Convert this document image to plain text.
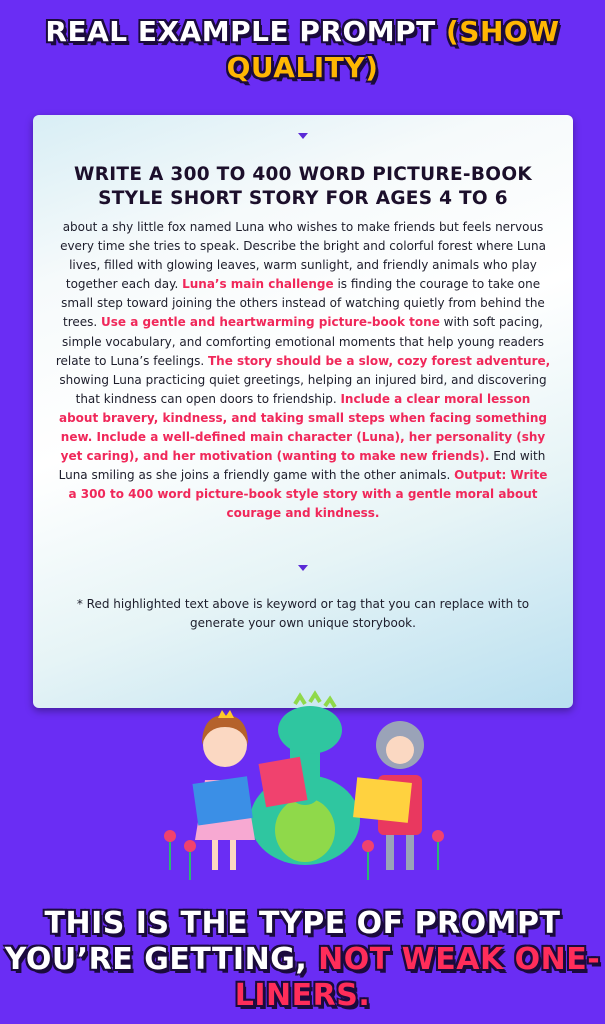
REAL EXAMPLE PROMPT (SHOW QUALITY)
WRITE A 300 TO 400 WORD PICTURE-BOOK STYLE SHORT STORY FOR AGES 4 TO 6
about a shy little fox named Luna who wishes to make friends but feels nervous every time she tries to speak. Describe the bright and colorful forest where Luna lives, filled with glowing leaves, warm sunlight, and friendly animals who play together each day. Luna’s main challenge is finding the courage to take one small step toward joining the others instead of watching quietly from behind the trees. Use a gentle and heartwarming picture-book tone with soft pacing, simple vocabulary, and comforting emotional moments that help young readers relate to Luna’s feelings. The story should be a slow, cozy forest adventure, showing Luna practicing quiet greetings, helping an injured bird, and discovering that kindness can open doors to friendship. Include a clear moral lesson about bravery, kindness, and taking small steps when facing something new. Include a well-defined main character (Luna), her personality (shy yet caring), and her motivation (wanting to make new friends). End with Luna smiling as she joins a friendly game with the other animals. Output: Write a 300 to 400 word picture-book style story with a gentle moral about courage and kindness.
* Red highlighted text above is keyword or tag that you can replace with to generate your own unique storybook.
THIS IS THE TYPE OF PROMPT YOU’RE GETTING, NOT WEAK ONE-LINERS.
